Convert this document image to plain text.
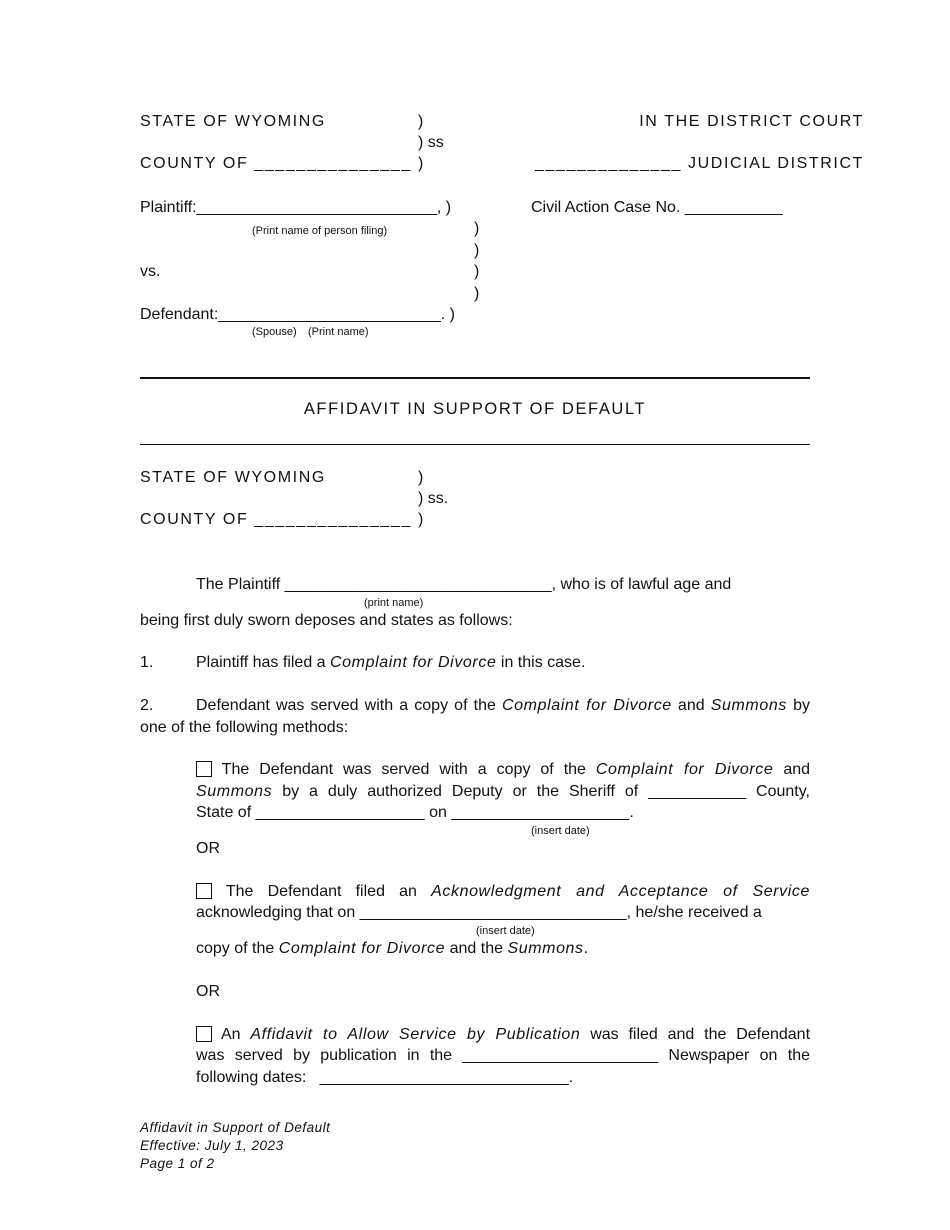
STATE OF WYOMING	)
) ss
)
IN THE DISTRICT COURT
COUNTY OF _______________	______________ JUDICIAL DISTRICT
Plaintiff:___________________________, )	Civil Action Case No. ___________
(Print name of person filing)	)
)
vs.	)
)
Defendant:_________________________. )
(Spouse) (Print name)
AFFIDAVIT IN SUPPORT OF DEFAULT
STATE OF WYOMING	)
) ss.
COUNTY OF _______________ )
The Plaintiff ______________________________, who is of lawful age and
(print name)
being first duly sworn deposes and states as follows:
1.	Plaintiff has filed a Complaint for Divorce in this case.
2.	Defendant was served with a copy of the Complaint for Divorce and Summons by
one of the following methods:
The Defendant was served with a copy of the Complaint for Divorce and
Summons by a duly authorized Deputy or the Sheriff of ___________ County,
State of ___________________ on ____________________.
(insert date)
OR
The Defendant filed an Acknowledgment and Acceptance of Service
acknowledging that on ______________________________, he/she received a
(insert date)
copy of the Complaint for Divorce and the Summons.
OR
An Affidavit to Allow Service by Publication was filed and the Defendant
was served by publication in the ______________________ Newspaper on the
following dates:   ____________________________.
Affidavit in Support of Default
Effective: July 1, 2023
Page 1 of 2
